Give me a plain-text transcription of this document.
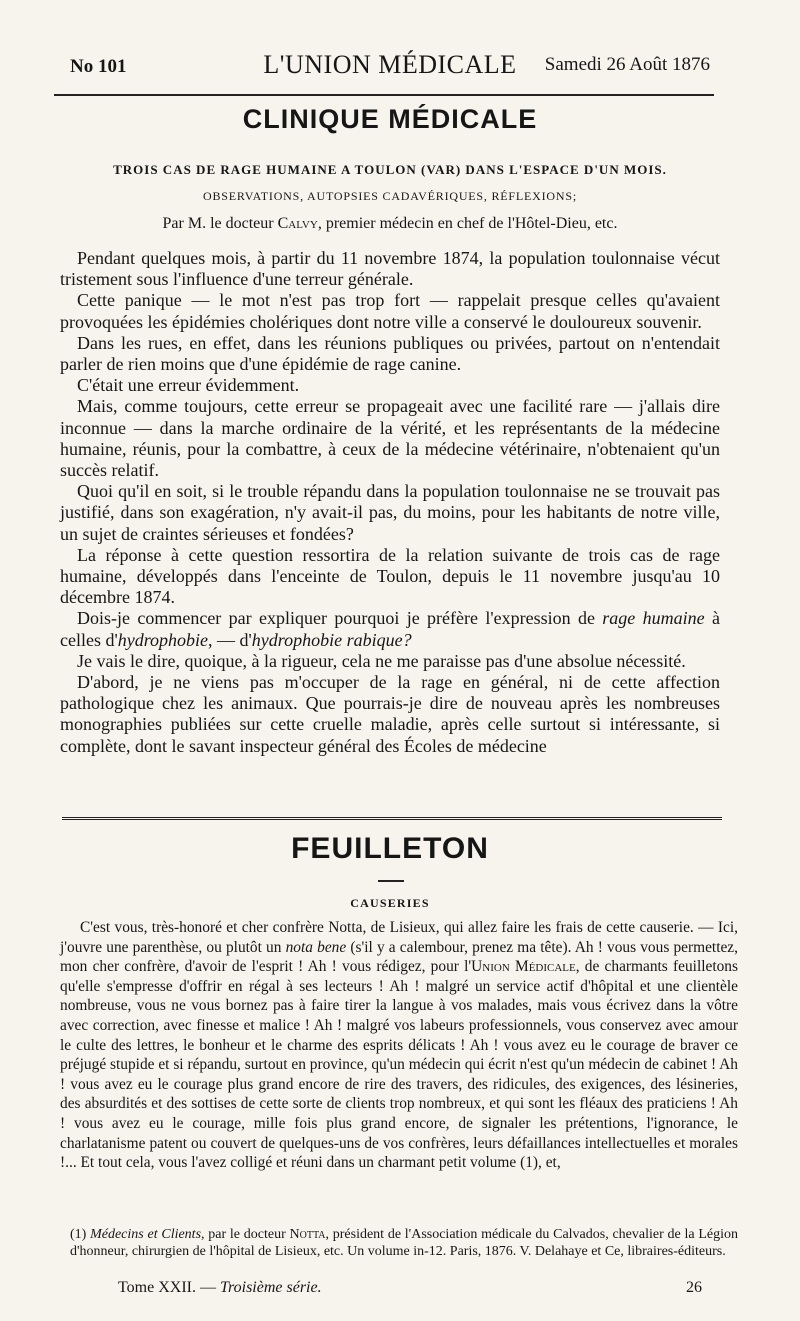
No 101	L'UNION MÉDICALE	Samedi 26 Août 1876
CLINIQUE MÉDICALE
TROIS CAS DE RAGE HUMAINE A TOULON (VAR) DANS L'ESPACE D'UN MOIS.
OBSERVATIONS, AUTOPSIES CADAVÉRIQUES, RÉFLEXIONS;
Par M. le docteur Calvy, premier médecin en chef de l'Hôtel-Dieu, etc.

Pendant quelques mois, à partir du 11 novembre 1874, la population toulonnaise vécut tristement sous l'influence d'une terreur générale.

Cette panique — le mot n'est pas trop fort — rappelait presque celles qu'avaient provoquées les épidémies cholériques dont notre ville a conservé le douloureux souvenir.

Dans les rues, en effet, dans les réunions publiques ou privées, partout on n'entendait parler de rien moins que d'une épidémie de rage canine.

C'était une erreur évidemment.

Mais, comme toujours, cette erreur se propageait avec une facilité rare — j'allais dire inconnue — dans la marche ordinaire de la vérité, et les représentants de la médecine humaine, réunis, pour la combattre, à ceux de la médecine vétérinaire, n'obtenaient qu'un succès relatif.

Quoi qu'il en soit, si le trouble répandu dans la population toulonnaise ne se trouvait pas justifié, dans son exagération, n'y avait-il pas, du moins, pour les habitants de notre ville, un sujet de craintes sérieuses et fondées?

La réponse à cette question ressortira de la relation suivante de trois cas de rage humaine, développés dans l'enceinte de Toulon, depuis le 11 novembre jusqu'au 10 décembre 1874.

Dois-je commencer par expliquer pourquoi je préfère l'expression de rage humaine à celles d'hydrophobie, — d'hydrophobie rabique?

Je vais le dire, quoique, à la rigueur, cela ne me paraisse pas d'une absolue nécessité.

D'abord, je ne viens pas m'occuper de la rage en général, ni de cette affection pathologique chez les animaux. Que pourrais-je dire de nouveau après les nombreuses monographies publiées sur cette cruelle maladie, après celle surtout si intéressante, si complète, dont le savant inspecteur général des Écoles de médecine

FEUILLETON
CAUSERIES

C'est vous, très-honoré et cher confrère Notta, de Lisieux, qui allez faire les frais de cette causerie. — Ici, j'ouvre une parenthèse, ou plutôt un nota bene (s'il y a calembour, prenez ma tête). Ah ! vous vous permettez, mon cher confrère, d'avoir de l'esprit ! Ah ! vous rédigez, pour l'Union Médicale, de charmants feuilletons qu'elle s'empresse d'offrir en régal à ses lecteurs ! Ah ! malgré un service actif d'hôpital et une clientèle nombreuse, vous ne vous bornez pas à faire tirer la langue à vos malades, mais vous écrivez dans la vôtre avec correction, avec finesse et malice ! Ah ! malgré vos labeurs professionnels, vous conservez avec amour le culte des lettres, le bonheur et le charme des esprits délicats ! Ah ! vous avez eu le courage de braver ce préjugé stupide et si répandu, surtout en province, qu'un médecin qui écrit n'est qu'un médecin de cabinet ! Ah ! vous avez eu le courage plus grand encore de rire des travers, des ridicules, des exigences, des lésineries, des absurdités et des sottises de cette sorte de clients trop nombreux, et qui sont les fléaux des praticiens ! Ah ! vous avez eu le courage, mille fois plus grand encore, de signaler les prétentions, l'ignorance, le charlatanisme patent ou couvert de quelques-uns de vos confrères, leurs défaillances intellectuelles et morales !... Et tout cela, vous l'avez colligé et réuni dans un charmant petit volume (1), et,

(1) Médecins et Clients, par le docteur Notta, président de l'Association médicale du Calvados, chevalier de la Légion d'honneur, chirurgien de l'hôpital de Lisieux, etc. Un volume in-12. Paris, 1876. V. Delahaye et Ce, libraires-éditeurs.

Tome XXII. — Troisième série.	26
